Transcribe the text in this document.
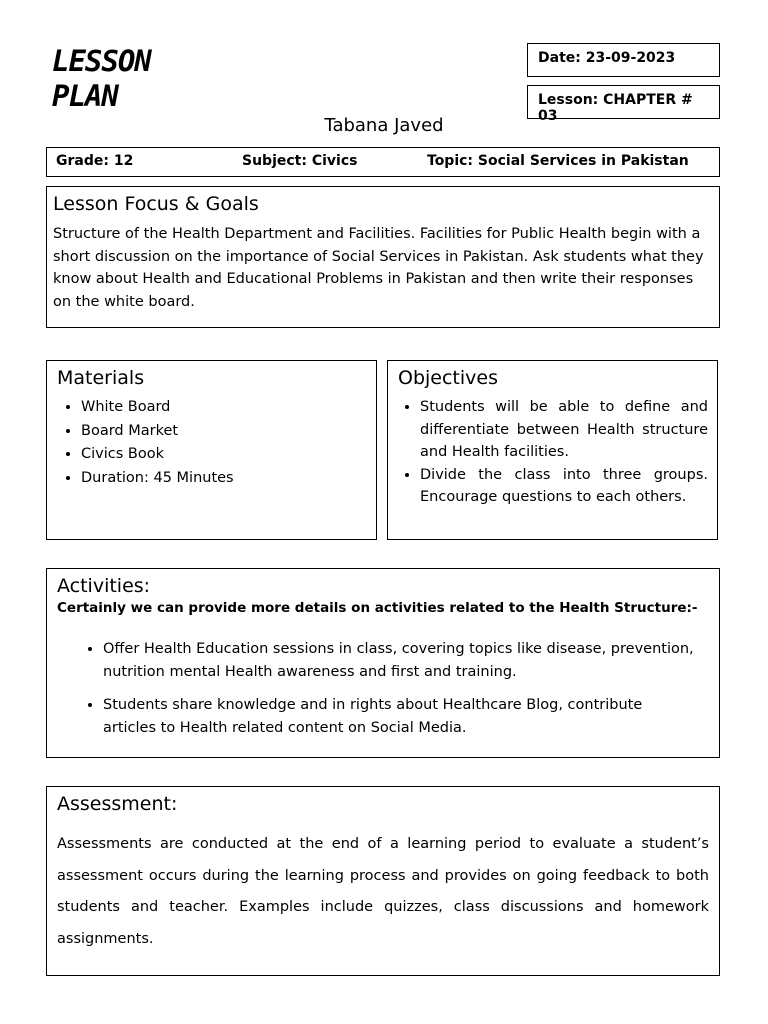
LESSON
PLAN
Date: 23-09-2023
Lesson: CHAPTER # 03
Tabana Javed
Grade: 12	Subject: Civics	Topic: Social Services in Pakistan
Lesson Focus & Goals

Structure of the Health Department and Facilities. Facilities for Public Health begin with a short discussion on the importance of Social Services in Pakistan. Ask students what they know about Health and Educational Problems in Pakistan and then write their responses on the white board.

Materials
• White Board
• Board Market
• Civics Book
• Duration: 45 Minutes
Objectives
• Students will be able to define and differentiate between Health structure and Health facilities.
• Divide the class into three groups. Encourage questions to each others.
Activities:

Certainly we can provide more details on activities related to the Health Structure:-

• Offer Health Education sessions in class, covering topics like disease, prevention, nutrition mental Health awareness and first and training.
• Students share knowledge and in rights about Healthcare Blog, contribute articles to Health related content on Social Media.
Assessment:

Assessments are conducted at the end of a learning period to evaluate a student’s assessment occurs during the learning process and provides on going feedback to both students and teacher. Examples include quizzes, class discussions and homework assignments.
